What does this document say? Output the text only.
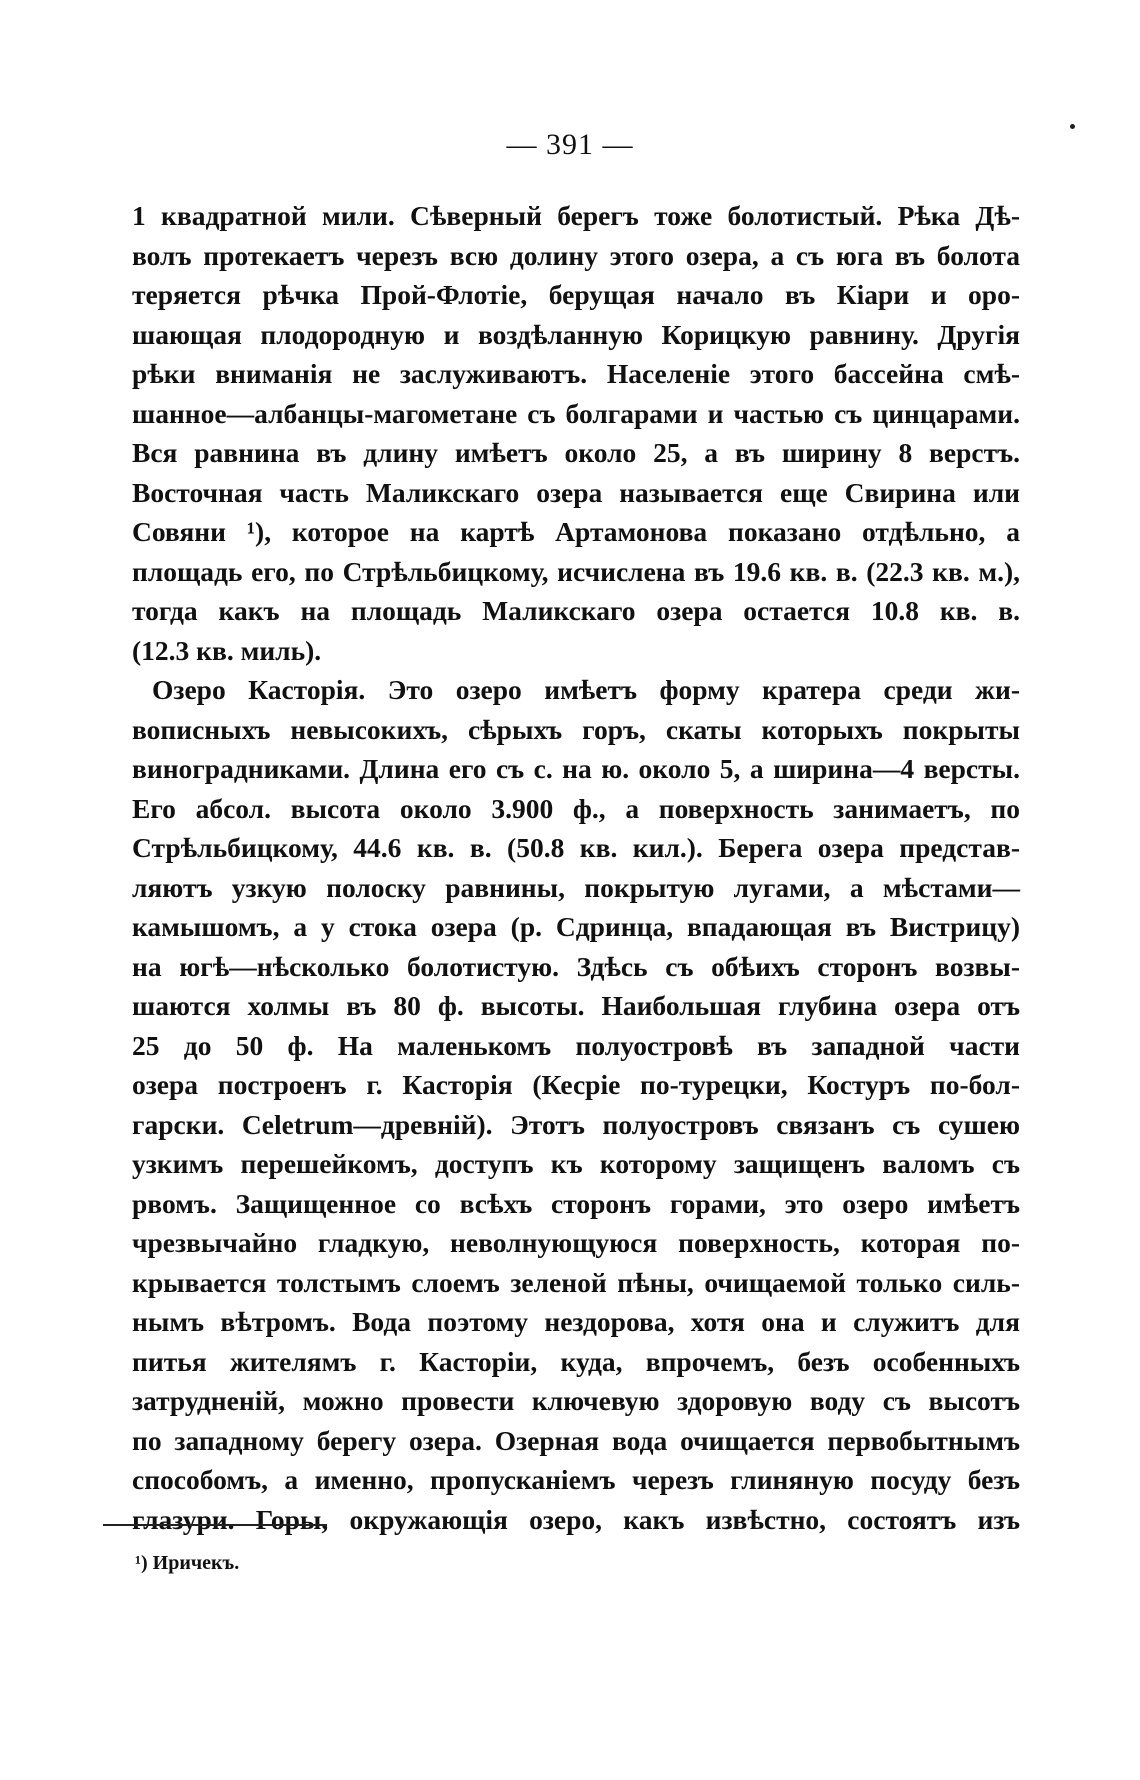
— 391 —
1 квадратной мили. Сѣверный берегъ тоже болотистый. Рѣка Дѣ-
волъ протекаетъ черезъ всю долину этого озера, а съ юга въ болота
теряется рѣчка Прой-Флотіе, берущая начало въ Кіари и оро-
шающая плодородную и воздѣланную Корицкую равнину. Другія
рѣки вниманія не заслуживаютъ. Населеніе этого бассейна смѣ-
шанное—албанцы-магометане съ болгарами и частью съ цинцарами.
Вся равнина въ длину имѣетъ около 25, а въ ширину 8 верстъ.
Восточная часть Маликскаго озера называется еще Свирина или
Совяни ¹), которое на картѣ Артамонова показано отдѣльно, а
площадь его, по Стрѣльбицкому, исчислена въ 19.6 кв. в. (22.3 кв. м.),
тогда какъ на площадь Маликскаго озера остается 10.8 кв. в.
(12.3 кв. миль).
Озеро Касторія. Это озеро имѣетъ форму кратера среди жи-
вописныхъ невысокихъ, сѣрыхъ горъ, скаты которыхъ покрыты
виноградниками. Длина его съ с. на ю. около 5, а ширина—4 версты.
Его абсол. высота около 3.900 ф., а поверхность занимаетъ, по
Стрѣльбицкому, 44.6 кв. в. (50.8 кв. кил.). Берега озера представ-
ляютъ узкую полоску равнины, покрытую лугами, а мѣстами—
камышомъ, а у стока озера (р. Сдринца, впадающая въ Вистрицу)
на югѣ—нѣсколько болотистую. Здѣсь съ обѣихъ сторонъ возвы-
шаются холмы въ 80 ф. высоты. Наибольшая глубина озера отъ
25 до 50 ф. На маленькомъ полуостровѣ въ западной части
озера построенъ г. Касторія (Кесріе по-турецки, Костуръ по-бол-
гарски. Celetrum—древній). Этотъ полуостровъ связанъ съ сушею
узкимъ перешейкомъ, доступъ къ которому защищенъ валомъ съ
рвомъ. Защищенное со всѣхъ сторонъ горами, это озеро имѣетъ
чрезвычайно гладкую, неволнующуюся поверхность, которая по-
крывается толстымъ слоемъ зеленой пѣны, очищаемой только силь-
нымъ вѣтромъ. Вода поэтому нездорова, хотя она и служитъ для
питья жителямъ г. Касторіи, куда, впрочемъ, безъ особенныхъ
затрудненій, можно провести ключевую здоровую воду съ высотъ
по западному берегу озера. Озерная вода очищается первобытнымъ
способомъ, а именно, пропусканіемъ черезъ глиняную посуду безъ
глазури. Горы, окружающія озеро, какъ извѣстно, состоятъ изъ
¹) Иричекъ.
